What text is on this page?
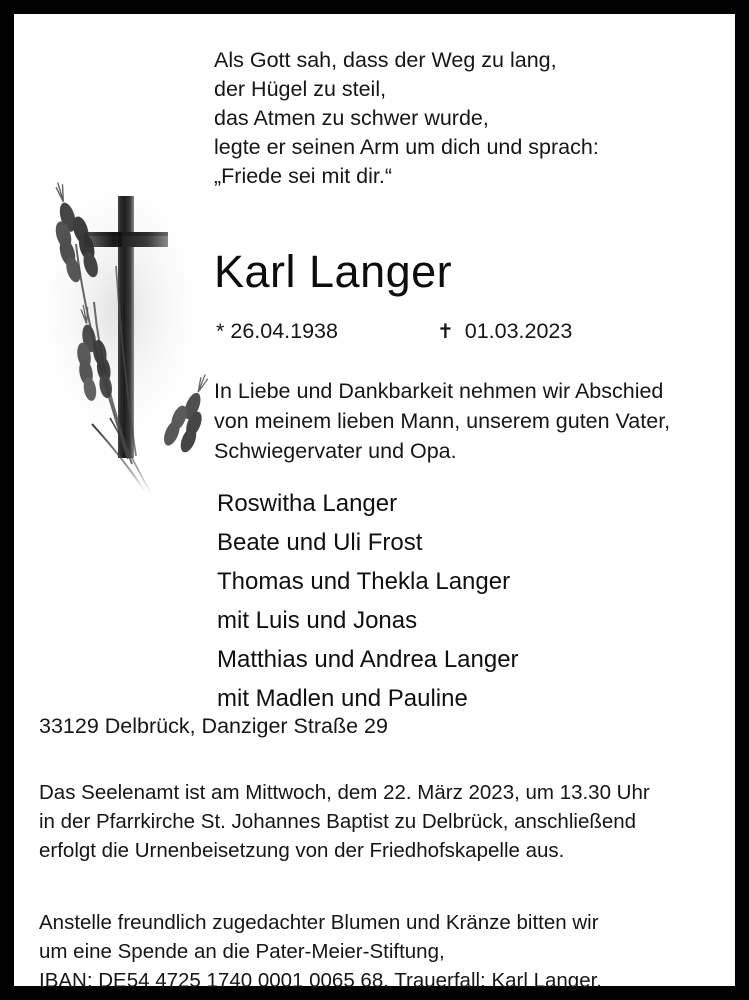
Als Gott sah, dass der Weg zu lang,
der Hügel zu steil,
das Atmen zu schwer wurde,
legte er seinen Arm um dich und sprach:
„Friede sei mit dir.“
Karl Langer
* 26.04.1938	✝ 01.03.2023
In Liebe und Dankbarkeit nehmen wir Abschied
von meinem lieben Mann, unserem guten Vater,
Schwiegervater und Opa.
Roswitha Langer
Beate und Uli Frost
Thomas und Thekla Langer
mit Luis und Jonas
Matthias und Andrea Langer
mit Madlen und Pauline
33129 Delbrück, Danziger Straße 29
Das Seelenamt ist am Mittwoch, dem 22. März 2023, um 13.30 Uhr
in der Pfarrkirche St. Johannes Baptist zu Delbrück, anschließend
erfolgt die Urnenbeisetzung von der Friedhofskapelle aus.
Anstelle freundlich zugedachter Blumen und Kränze bitten wir
um eine Spende an die Pater-Meier-Stiftung,
IBAN: DE54 4725 1740 0001 0065 68, Trauerfall: Karl Langer.
